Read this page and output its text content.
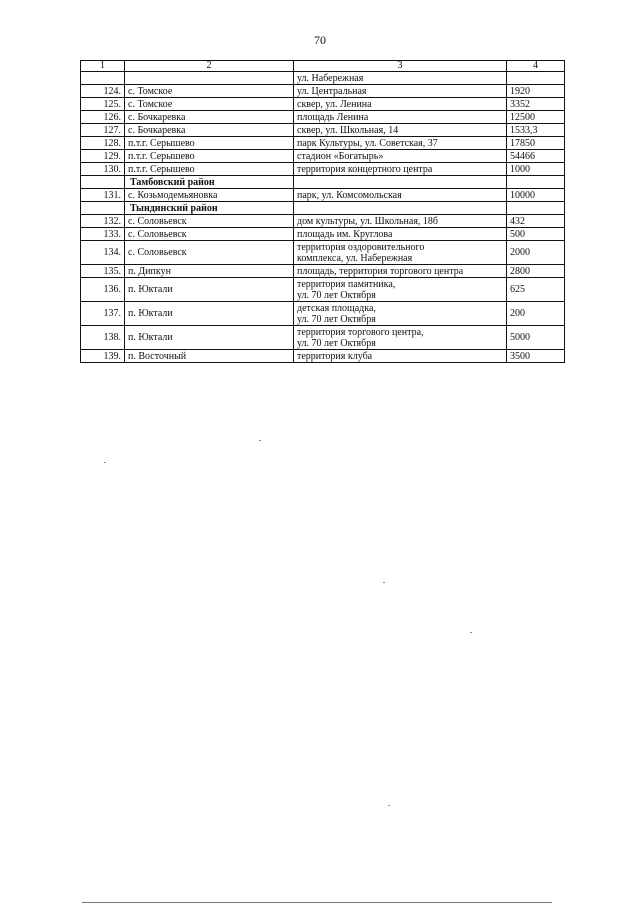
70
1	2	3	4

		ул. Набережная	

124.	с. Томское	ул. Центральная	1920
125.	с. Томское	сквер, ул. Ленина	3352
126.	с. Бочкаревка	площадь Ленина	12500
127.	с. Бочкаревка	сквер, ул. Школьная, 14	1533,3
128.	п.т.г. Серышево	парк Культуры, ул. Советская, 37	17850
129.	п.т.г. Серышево	стадион «Богатырь»	54466
130.	п.т.г. Серышево	территория концертного центра	1000
	Тамбовский район		
131.	с. Козьмодемьяновка	парк, ул. Комсомольская	10000
	Тындинский район		
132.	с. Соловьевск	дом культуры, ул. Школьная, 18б	432
133.	с. Соловьевск	площадь им. Круглова	500
134.	с. Соловьевск	территория оздоровительного
комплекса, ул. Набережная	2000
135.	п. Дипкун	площадь, территория торгового центра	2800
136.	п. Юктали	территория памятника,
ул. 70 лет Октября	625
137.	п. Юктали	детская площадка,
ул. 70 лет Октября	200
138.	п. Юктали	территория торгового центра,
ул. 70 лет Октября	5000
139.	п. Восточный	территория клуба	3500
